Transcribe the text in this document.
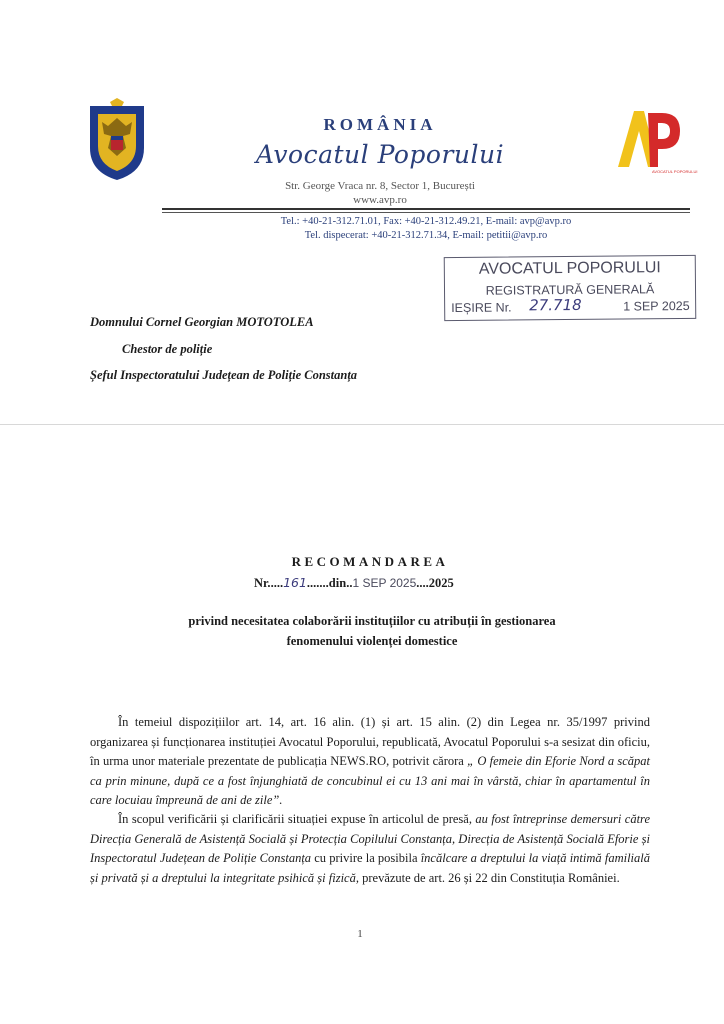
ROMÂNIA
Avocatul Poporului
Str. George Vraca nr. 8, Sector 1, București
www.avp.ro
AVOCATUL POPORULUI
Tel.: +40-21-312.71.01, Fax: +40-21-312.49.21, E-mail: avp@avp.ro
Tel. dispecerat: +40-21-312.71.34, E-mail: petitii@avp.ro
AVOCATUL POPORULUI
REGISTRATURĂ GENERALĂ
IEȘIRE Nr. 27.718	1 SEP 2025
Domnului Cornel Georgian MOTOTOLEA
Chestor de poliție
Șeful Inspectoratului Județean de Poliție Constanța
RECOMANDAREA
Nr.....161.......din..1 SEP 2025....2025
privind necesitatea colaborării instituțiilor cu atribuții în gestionarea
fenomenului violenței domestice
În temeiul dispozițiilor art. 14, art. 16 alin. (1) și art. 15 alin. (2) din Legea nr. 35/1997 privind organizarea și funcționarea instituției Avocatul Poporului, republicată, Avocatul Poporului s-a sesizat din oficiu, în urma unor materiale prezentate de publicația NEWS.RO, potrivit cărora „ O femeie din Eforie Nord a scăpat ca prin minune, după ce a fost înjunghiată de concubinul ei cu 13 ani mai în vârstă, chiar în apartamentul în care locuiau împreună de ani de zile”.
În scopul verificării și clarificării situației expuse în articolul de presă, au fost întreprinse demersuri către Direcția Generală de Asistență Socială și Protecția Copilului Constanța, Direcția de Asistență Socială Eforie și Inspectoratul Județean de Poliție Constanța cu privire la posibila încălcare a dreptului la viață intimă familială și privată și a dreptului la integritate psihică și fizică, prevăzute de art. 26 și 22 din Constituția României.
1
